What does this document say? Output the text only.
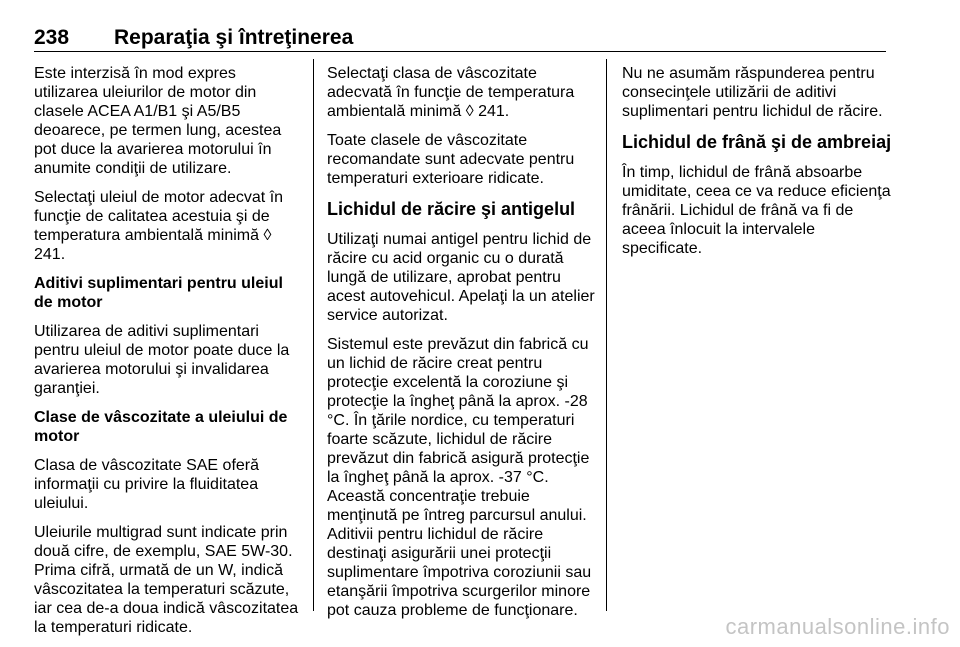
238 Reparaţia şi întreţinerea

Este interzisă în mod expres utilizarea uleiurilor de motor din clasele ACEA A1/B1 şi A5/B5 deoarece, pe termen lung, acestea pot duce la avarierea motorului în anumite condiţii de utilizare.

Selectaţi uleiul de motor adecvat în funcţie de calitatea acestuia şi de temperatura ambientală minimă ◊ 241.

Aditivi suplimentari pentru uleiul de motor

Utilizarea de aditivi suplimentari pentru uleiul de motor poate duce la avarierea motorului şi invalidarea garanţiei.

Clase de vâscozitate a uleiului de motor

Clasa de vâscozitate SAE oferă informaţii cu privire la fluiditatea uleiului.

Uleiurile multigrad sunt indicate prin două cifre, de exemplu, SAE 5W-30. Prima cifră, urmată de un W, indică vâscozitatea la temperaturi scăzute, iar cea de-a doua indică vâscozitatea la temperaturi ridicate.

Selectaţi clasa de vâscozitate adecvată în funcţie de temperatura ambientală minimă ◊ 241.

Toate clasele de vâscozitate recomandate sunt adecvate pentru temperaturi exterioare ridicate.

Lichidul de răcire şi antigelul

Utilizaţi numai antigel pentru lichid de răcire cu acid organic cu o durată lungă de utilizare, aprobat pentru acest autovehicul. Apelaţi la un atelier service autorizat.

Sistemul este prevăzut din fabrică cu un lichid de răcire creat pentru protecţie excelentă la coroziune şi protecţie la îngheţ până la aprox. -28 °C. În ţările nordice, cu temperaturi foarte scăzute, lichidul de răcire prevăzut din fabrică asigură protecţie la îngheţ până la aprox. -37 °C. Această concentraţie trebuie menţinută pe întreg parcursul anului. Aditivii pentru lichidul de răcire destinaţi asigurării unei protecţii suplimentare împotriva coroziunii sau etanşării împotriva scurgerilor minore pot cauza probleme de funcţionare.

Nu ne asumăm răspunderea pentru consecinţele utilizării de aditivi suplimentari pentru lichidul de răcire.

Lichidul de frână şi de ambreiaj

În timp, lichidul de frână absoarbe umiditate, ceea ce va reduce eficienţa frânării. Lichidul de frână va fi de aceea înlocuit la intervalele specificate.

carmanualsonline.info
